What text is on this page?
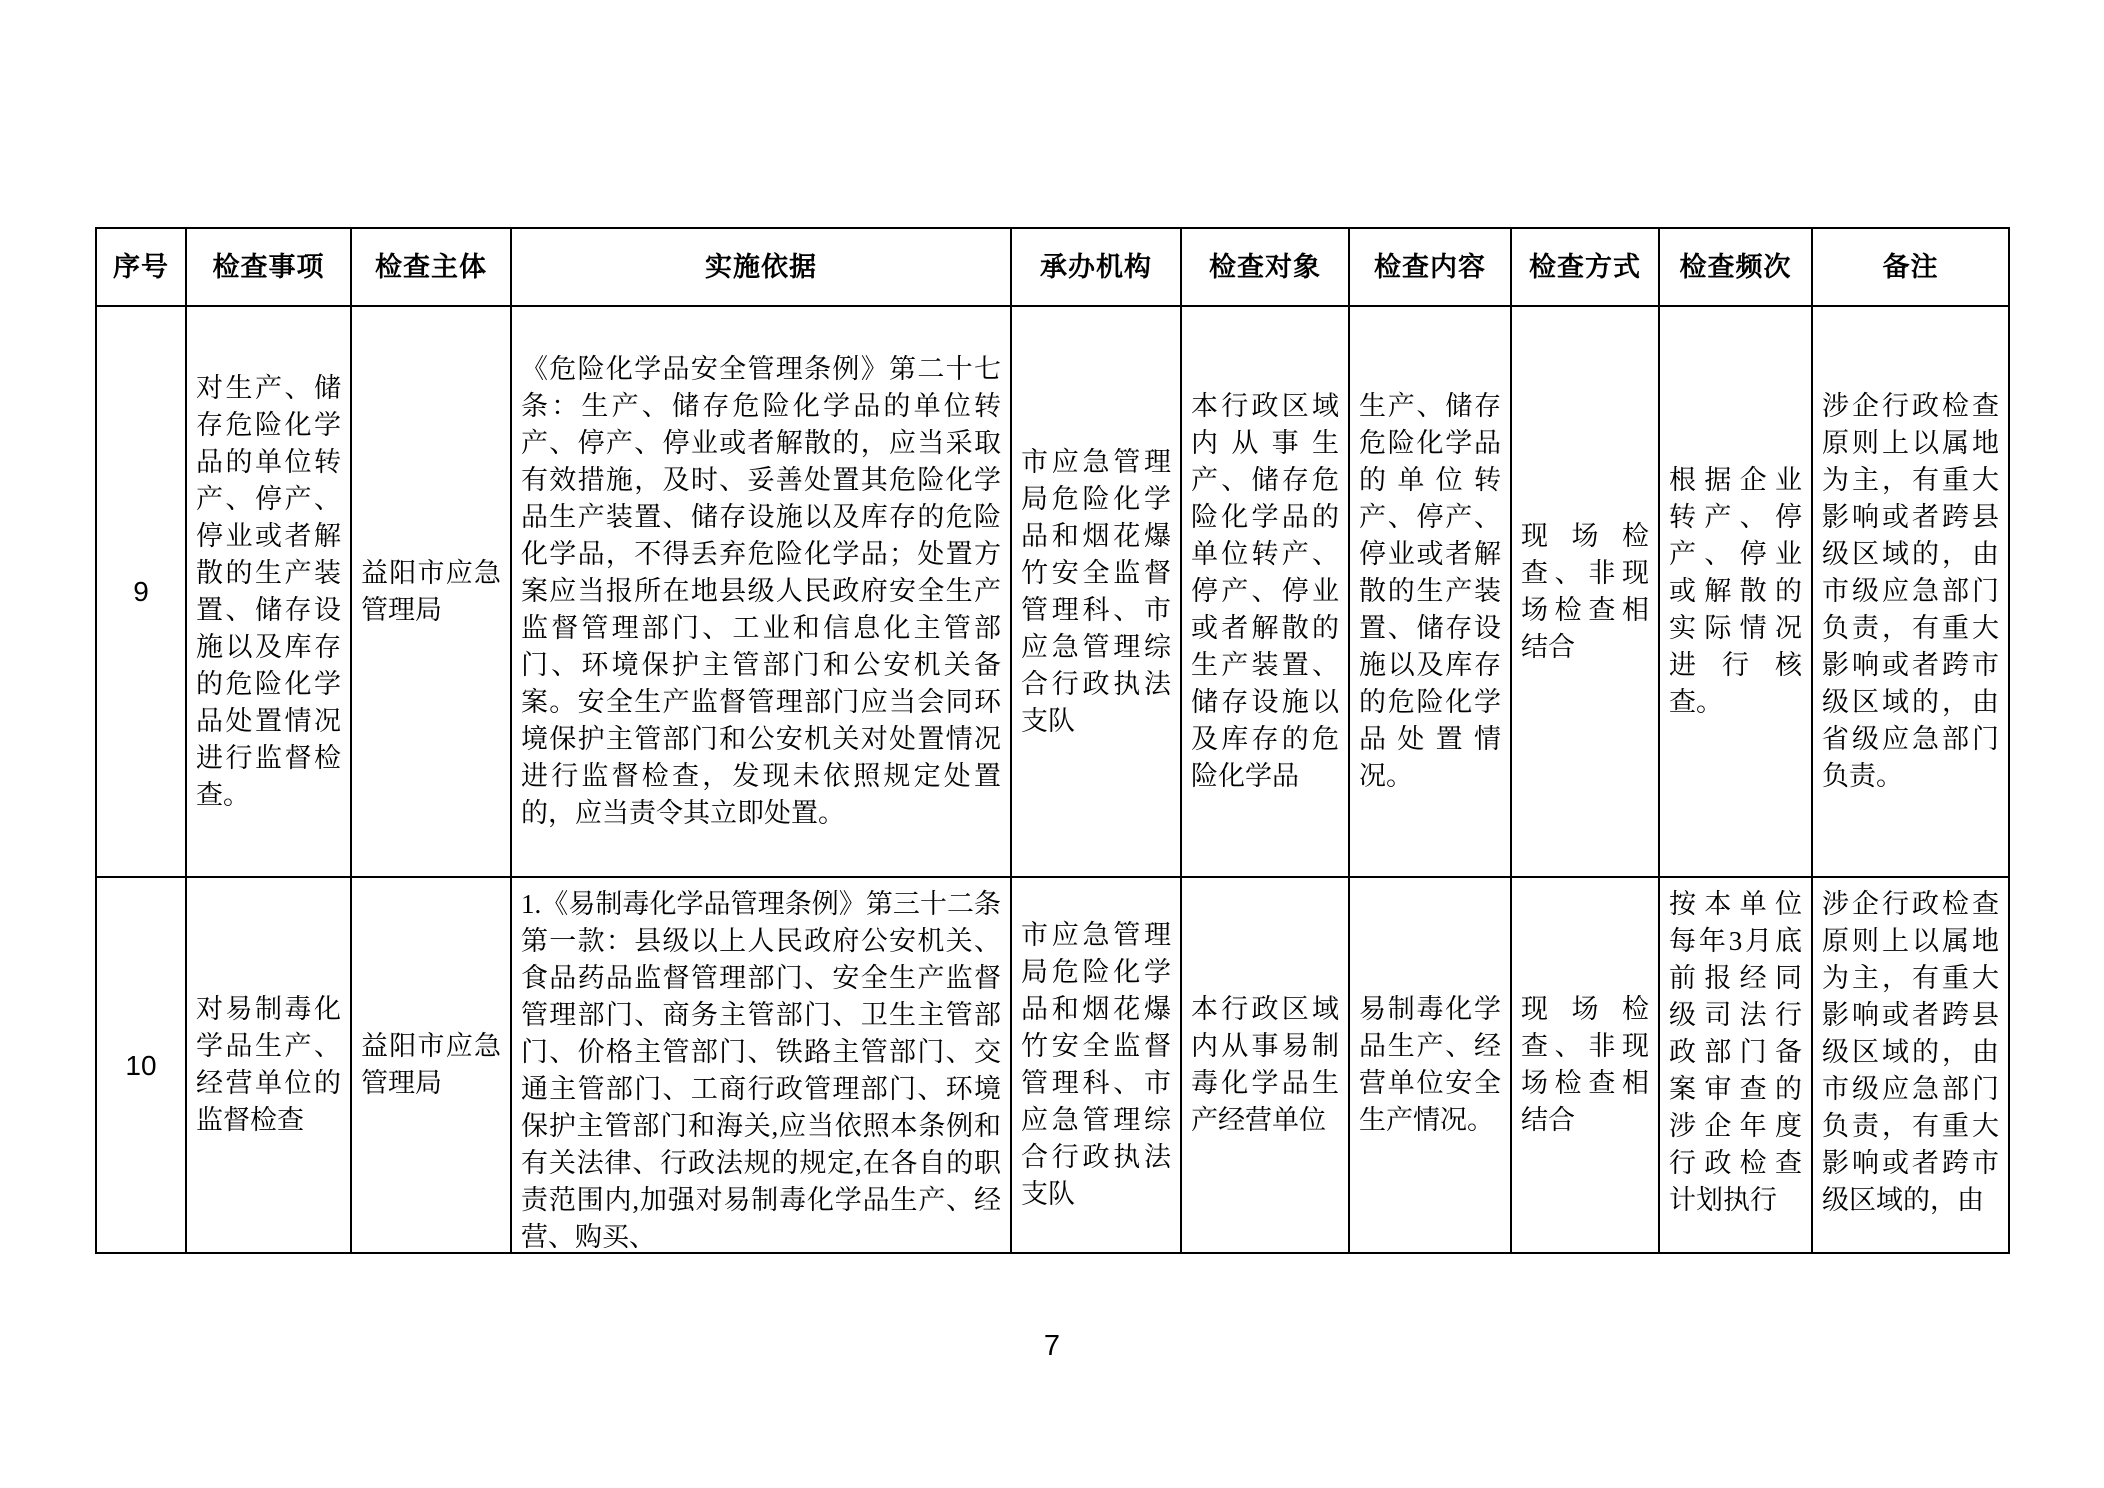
序号	检查事项	检查主体	实施依据	承办机构	检查对象	检查内容	检查方式	检查频次	备注

9	对生产、储存危险化学品的单位转产、停产、停业或者解散的生产装置、储存设施以及库存的危险化学品处置情况进行监督检查。	益阳市应急管理局	《危险化学品安全管理条例》第二十七条：生产、储存危险化学品的单位转产、停产、停业或者解散的，应当采取有效措施，及时、妥善处置其危险化学品生产装置、储存设施以及库存的危险化学品，不得丢弃危险化学品；处置方案应当报所在地县级人民政府安全生产监督管理部门、工业和信息化主管部门、环境保护主管部门和公安机关备案。安全生产监督管理部门应当会同环境保护主管部门和公安机关对处置情况进行监督检查，发现未依照规定处置的，应当责令其立即处置。	市应急管理局危险化学品和烟花爆竹安全监督管理科、市应急管理综合行政执法支队	本行政区域内从事生产、储存危险化学品的单位转产、停产、停业或者解散的生产装置、储存设施以及库存的危险化学品	生产、储存危险化学品的单位转产、停产、停业或者解散的生产装置、储存设施以及库存的危险化学品处置情况。	现场检查、非现场检查相结合	根据企业转产、停产、停业或解散的实际情况进行核查。	涉企行政检查原则上以属地为主，有重大影响或者跨县级区域的，由市级应急部门负责，有重大影响或者跨市级区域的，由省级应急部门负责。

10	对易制毒化学品生产、经营单位的监督检查	益阳市应急管理局	1.《易制毒化学品管理条例》第三十二条第一款：县级以上人民政府公安机关、食品药品监督管理部门、安全生产监督管理部门、商务主管部门、卫生主管部门、价格主管部门、铁路主管部门、交通主管部门、工商行政管理部门、环境保护主管部门和海关,应当依照本条例和有关法律、行政法规的规定,在各自的职责范围内,加强对易制毒化学品生产、经营、购买、	市应急管理局危险化学品和烟花爆竹安全监督管理科、市应急管理综合行政执法支队	本行政区域内从事易制毒化学品生产经营单位	易制毒化学品生产、经营单位安全生产情况。	现场检查、非现场检查相结合	按本单位每年3月底前报经同级司法行政部门备案审查的涉企年度行政检查计划执行	涉企行政检查原则上以属地为主，有重大影响或者跨县级区域的，由市级应急部门负责，有重大影响或者跨市级区域的，由
7
